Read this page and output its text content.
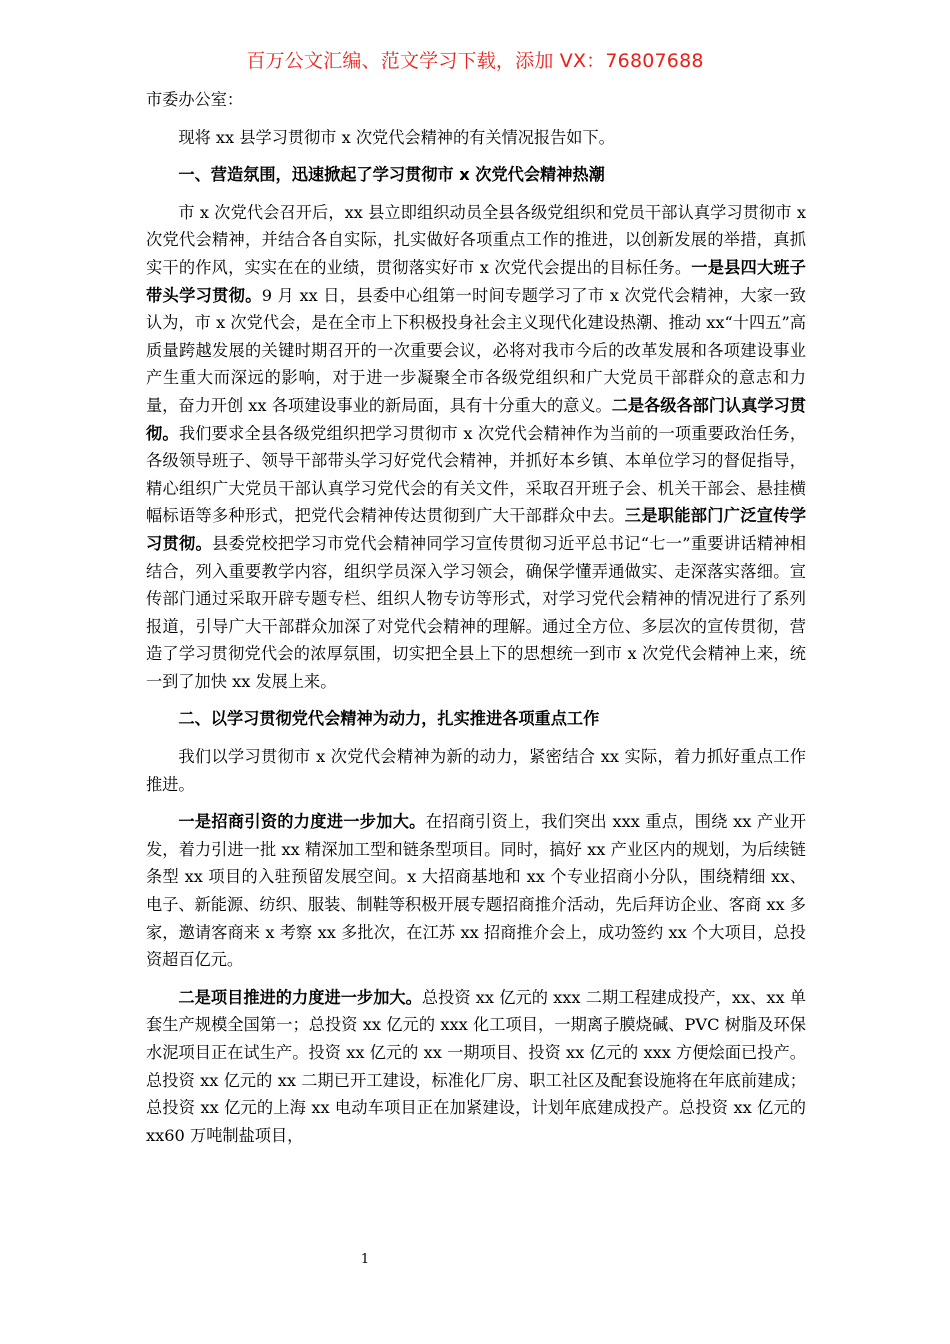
百万公文汇编、范文学习下载，添加 VX：76807688

市委办公室：

现将 xx 县学习贯彻市 x 次党代会精神的有关情况报告如下。

一、营造氛围，迅速掀起了学习贯彻市 x 次党代会精神热潮

市 x 次党代会召开后，xx 县立即组织动员全县各级党组织和党员干部认真学习贯彻市 x 次党代会精神，并结合各自实际，扎实做好各项重点工作的推进，以创新发展的举措，真抓实干的作风，实实在在的业绩，贯彻落实好市 x 次党代会提出的目标任务。一是县四大班子带头学习贯彻。9 月 xx 日，县委中心组第一时间专题学习了市 x 次党代会精神，大家一致认为，市 x 次党代会，是在全市上下积极投身社会主义现代化建设热潮、推动 xx“十四五”高质量跨越发展的关键时期召开的一次重要会议，必将对我市今后的改革发展和各项建设事业产生重大而深远的影响，对于进一步凝聚全市各级党组织和广大党员干部群众的意志和力量，奋力开创 xx 各项建设事业的新局面，具有十分重大的意义。二是各级各部门认真学习贯彻。我们要求全县各级党组织把学习贯彻市 x 次党代会精神作为当前的一项重要政治任务，各级领导班子、领导干部带头学习好党代会精神，并抓好本乡镇、本单位学习的督促指导，精心组织广大党员干部认真学习党代会的有关文件，采取召开班子会、机关干部会、悬挂横幅标语等多种形式，把党代会精神传达贯彻到广大干部群众中去。三是职能部门广泛宣传学习贯彻。县委党校把学习市党代会精神同学习宣传贯彻习近平总书记“七一”重要讲话精神相结合，列入重要教学内容，组织学员深入学习领会，确保学懂弄通做实、走深落实落细。宣传部门通过采取开辟专题专栏、组织人物专访等形式，对学习党代会精神的情况进行了系列报道，引导广大干部群众加深了对党代会精神的理解。通过全方位、多层次的宣传贯彻，营造了学习贯彻党代会的浓厚氛围，切实把全县上下的思想统一到市 x 次党代会精神上来，统一到了加快 xx 发展上来。

二、以学习贯彻党代会精神为动力，扎实推进各项重点工作

我们以学习贯彻市 x 次党代会精神为新的动力，紧密结合 xx 实际，着力抓好重点工作推进。

一是招商引资的力度进一步加大。在招商引资上，我们突出 xxx 重点，围绕 xx 产业开发，着力引进一批 xx 精深加工型和链条型项目。同时，搞好 xx 产业区内的规划，为后续链条型 xx 项目的入驻预留发展空间。x 大招商基地和 xx 个专业招商小分队，围绕精细 xx、电子、新能源、纺织、服装、制鞋等积极开展专题招商推介活动，先后拜访企业、客商 xx 多家，邀请客商来 x 考察 xx 多批次，在江苏 xx 招商推介会上，成功签约 xx 个大项目，总投资超百亿元。

二是项目推进的力度进一步加大。总投资 xx 亿元的 xxx 二期工程建成投产，xx、xx 单套生产规模全国第一；总投资 xx 亿元的 xxx 化工项目，一期离子膜烧碱、PVC 树脂及环保水泥项目正在试生产。投资 xx 亿元的 xx 一期项目、投资 xx 亿元的 xxx 方便烩面已投产。总投资 xx 亿元的 xx 二期已开工建设，标准化厂房、职工社区及配套设施将在年底前建成；总投资 xx 亿元的上海 xx 电动车项目正在加紧建设，计划年底建成投产。总投资 xx 亿元的 xx60 万吨制盐项目，

1
